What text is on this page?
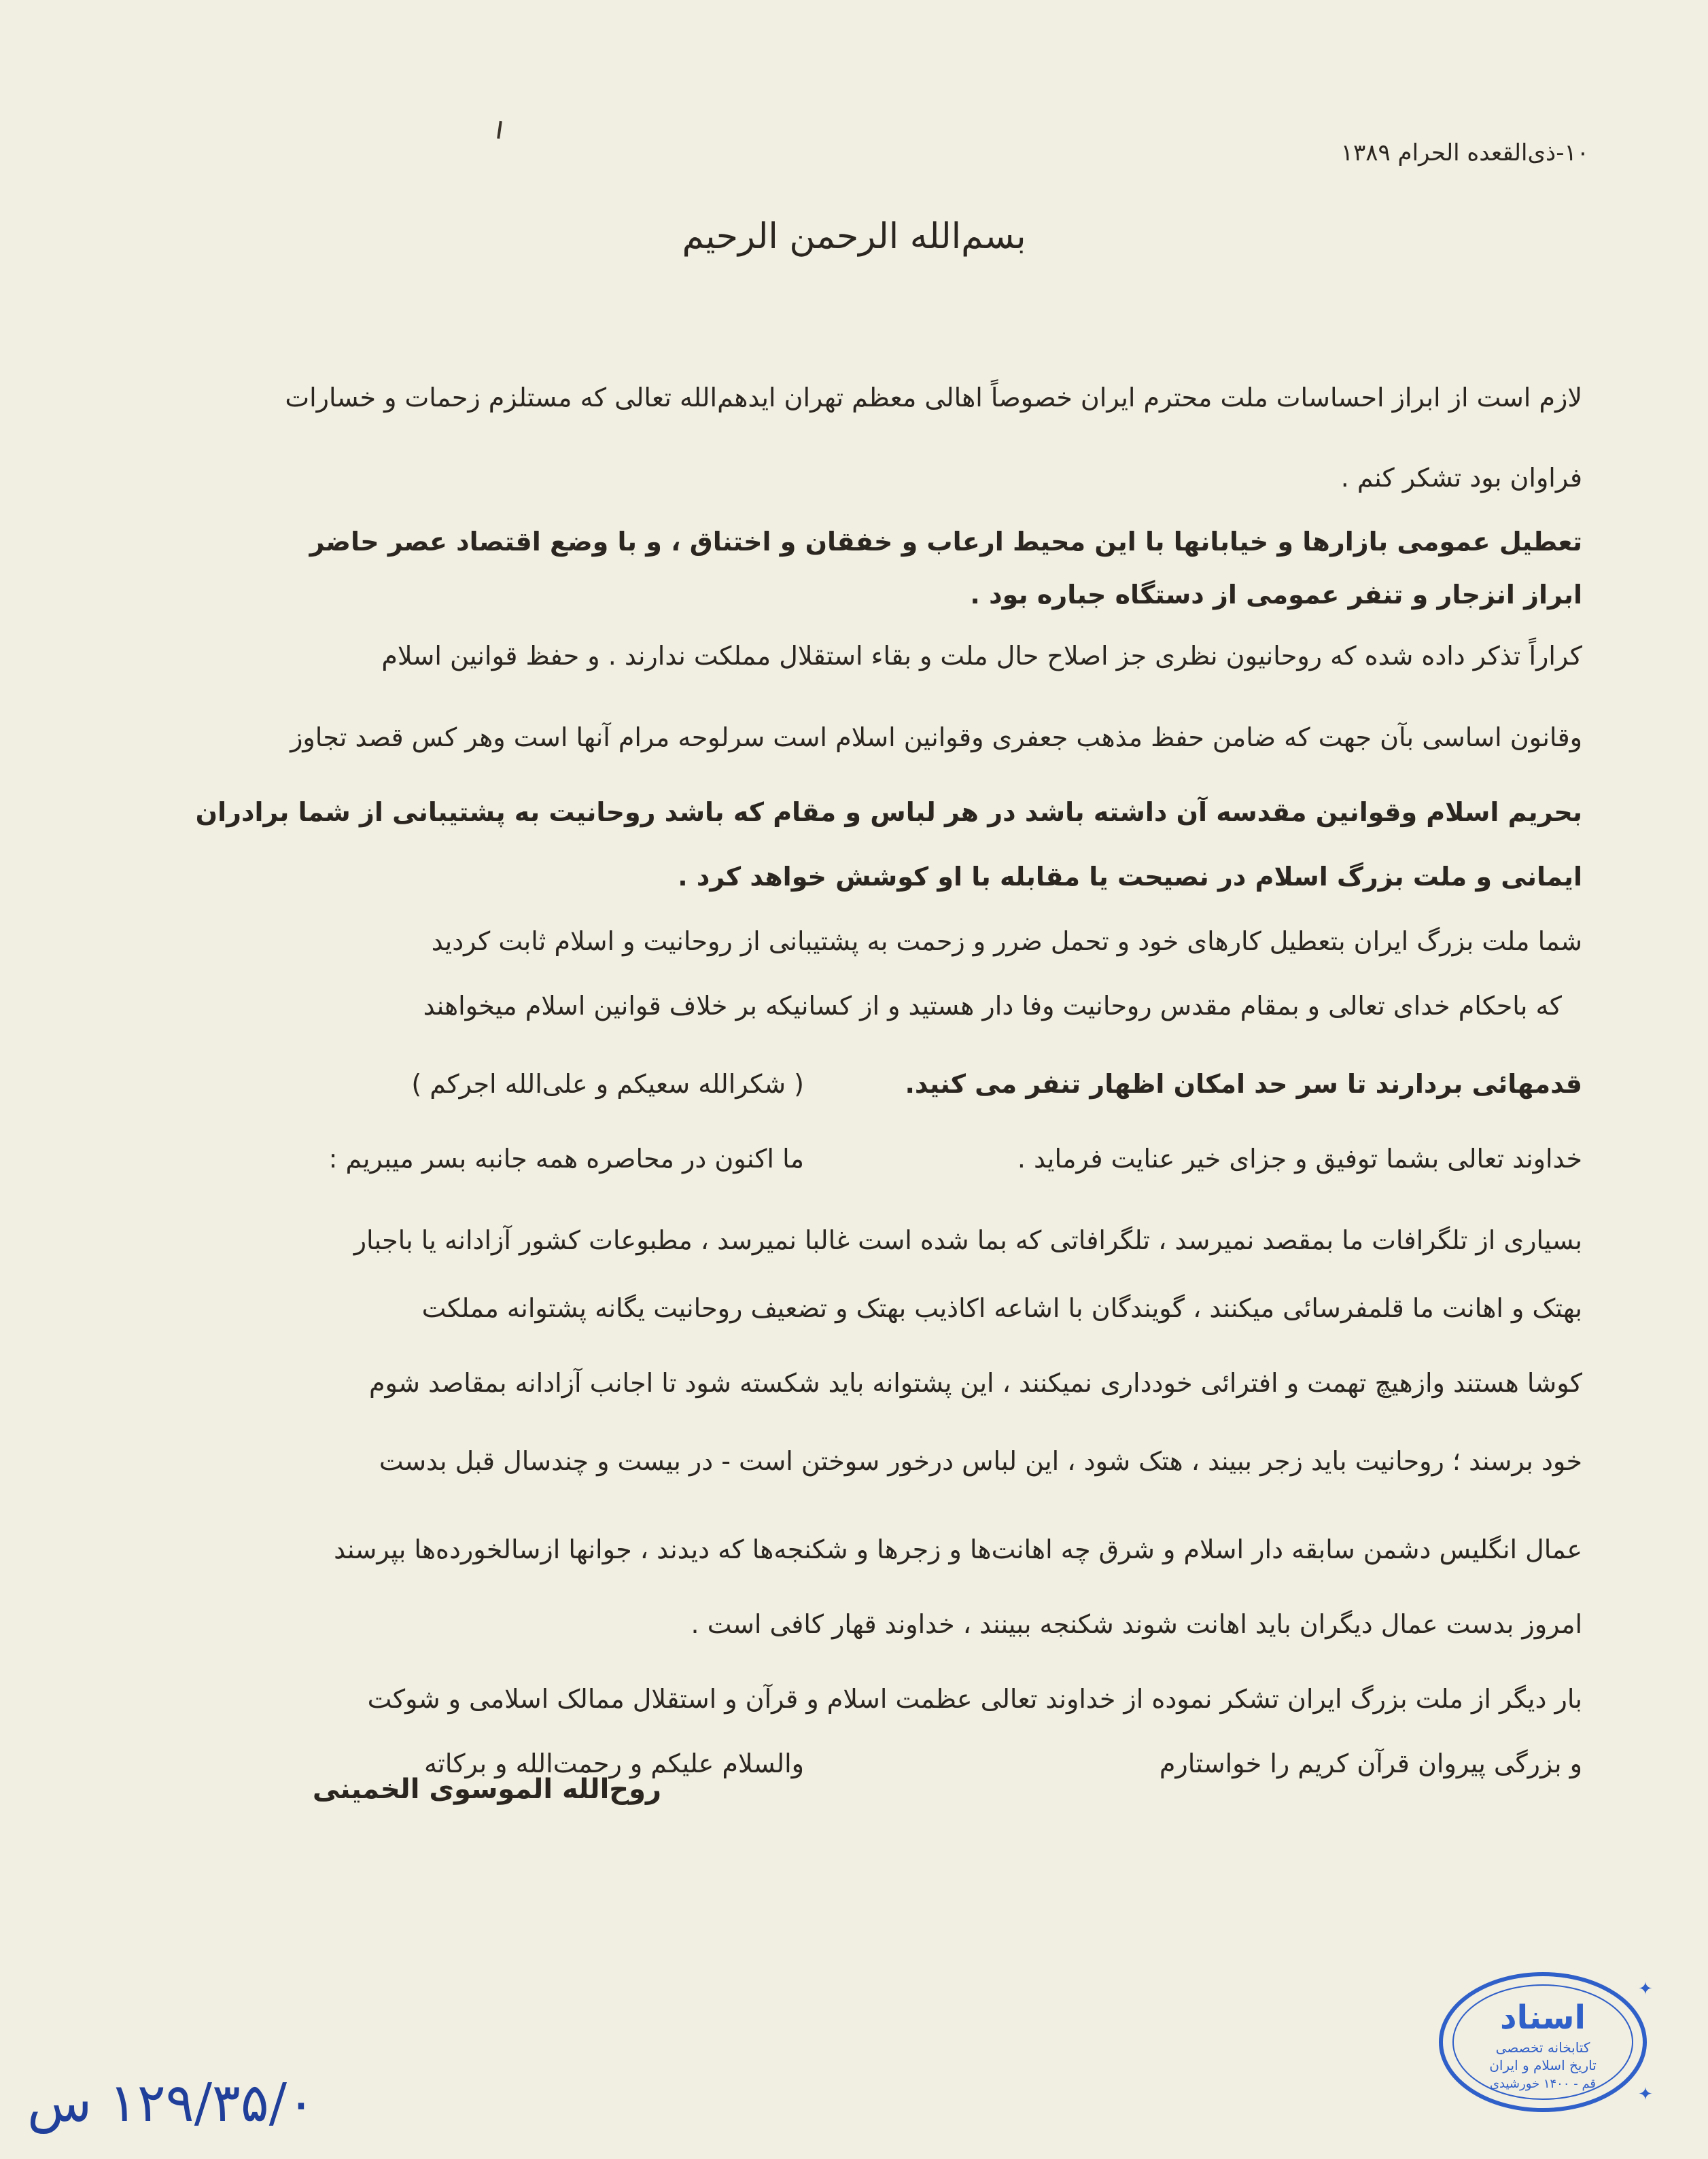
۱۰-ذی‌القعده الحرام ۱۳۸۹
بسم‌الله الرحمن الرحیم
لازم است از ابراز احساسات ملت محترم ایران خصوصاً اهالی معظم تهران ایدهم‌الله تعالی که مستلزم زحمات و خسارات
فراوان بود تشکر کنم .
تعطیل عمومی بازارها و خیابانها با این محیط ارعاب و خفقان و اختناق ، و با وضع اقتصاد عصر حاضر
ابراز انزجار و تنفر عمومی از دستگاه جباره بود .
کراراً تذکر داده شده که روحانیون نظری جز اصلاح حال ملت و بقاء استقلال مملکت ندارند . و حفظ قوانین اسلام
وقانون اساسی بآن جهت که ضامن حفظ مذهب جعفری وقوانین اسلام است سرلوحه مرام آنها است وهر کس قصد تجاوز
بحریم اسلام وقوانین مقدسه آن داشته باشد در هر لباس و مقام که باشد روحانیت به پشتیبانی از شما برادران
ایمانی و ملت بزرگ اسلام در نصیحت یا مقابله با او کوشش خواهد کرد .
شما ملت بزرگ ایران بتعطیل کارهای خود و تحمل ضرر و زحمت به پشتیبانی از روحانیت و اسلام ثابت کردید
که باحکام خدای تعالی و بمقام مقدس روحانیت وفا دار هستید و از کسانیکه بر خلاف قوانین اسلام میخواهند
قدمهائی بردارند تا سر حد امکان اظهار تنفر می کنید.
( شکرالله سعیکم و علی‌الله اجرکم )
خداوند تعالی بشما توفیق و جزای خیر عنایت فرماید .
ما اکنون در محاصره همه جانبه بسر میبریم :
بسیاری از تلگرافات ما بمقصد نمیرسد ، تلگرافاتی که بما شده است غالبا نمیرسد ، مطبوعات کشور آزادانه یا باجبار
بهتک و اهانت ما قلمفرسائی میکنند ، گویندگان با اشاعه اکاذیب بهتک و تضعیف روحانیت یگانه پشتوانه مملکت
کوشا هستند وازهیچ تهمت و افترائی خودداری نمیکنند ، این پشتوانه باید شکسته شود تا اجانب آزادانه بمقاصد شوم
خود برسند ؛ روحانیت باید زجر ببیند ، هتک شود ، این لباس درخور سوختن است - در بیست و چندسال قبل بدست
عمال انگلیس دشمن سابقه دار اسلام و شرق چه اهانت‌ها و زجرها و شکنجه‌ها که دیدند ، جوانها ازسالخورده‌ها بپرسند
امروز بدست عمال دیگران باید اهانت شوند شکنجه ببینند ، خداوند قهار کافی است .
بار دیگر از ملت بزرگ ایران تشکر نموده از خداوند تعالی عظمت اسلام و قرآن و استقلال ممالک اسلامی و شوکت
و بزرگی پیروان قرآن کریم را خواستارم
والسلام علیکم و رحمت‌الله و برکاته
روح‌الله الموسوی الخمینی
اسناد
کتابخانه تخصصی
تاریخ اسلام و ایران
قم - ۱۴۰۰ خورشیدی
✦
✦
۱۲۹/۳۵/۰ س
